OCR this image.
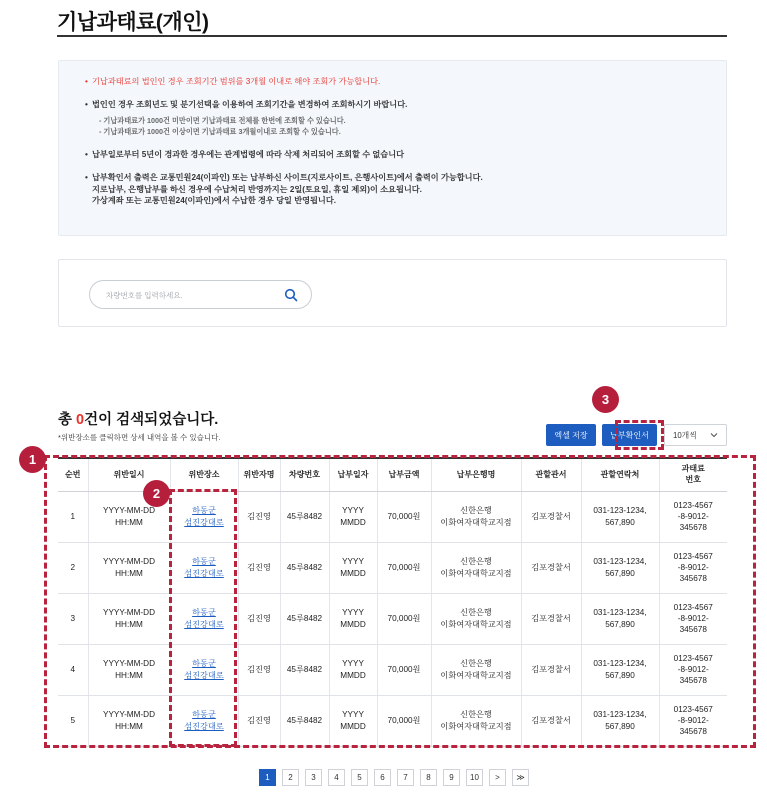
기납과태료(개인)
• 기납과태료의 법인인 경우 조회기간 범위를 3개월 이내로 해야 조회가 가능합니다.
• 법인인 경우 조회년도 및 분기선택을 이용하여 조회기간을 변경하여 조회하시기 바랍니다.
- 기납과태료가 1000건 미만이면 기납과태료 전체를 한번에 조회할 수 있습니다.
- 기납과태료가 1000건 이상이면 기납과태료 3개월이내로 조회할 수 있습니다.
• 납부일로부터 5년이 경과한 경우에는 관계법령에 따라 삭제 처리되어 조회할 수 없습니다
• 납부확인서 출력은 교통민원24(이파인) 또는 납부하신 사이트(지로사이트, 은행사이트)에서 출력이 가능합니다.
지로납부, 은행납부를 하신 경우에 수납처리 반영까지는 2일(토요일, 휴일 제외)이 소요됩니다.
가상계좌 또는 교통민원24(이파인)에서 수납한 경우 당일 반영됩니다.
차량번호를 입력하세요.
총 0건이 검색되었습니다.
*위반장소를 클릭하면 상세 내역을 볼 수 있습니다.	엑셀 저장	납부확인서	10개씩
순번	위반일시	위반장소	위반자명	차량번호	납부일자	납부금액	납부은행명	관할관서	관할연락처	과태료
번호
1	YYYY-MM-DD
HH:MM	하동군
섬진강대로	김진영	45루8482	YYYY
MMDD	70,000원	신한은행
이화여자대학교지점	김포경찰서	031-123-1234,
567,890	0123-4567
-8-9012-
345678
2	YYYY-MM-DD
HH:MM	하동군
섬진강대로	김진영	45루8482	YYYY
MMDD	70,000원	신한은행
이화여자대학교지점	김포경찰서	031-123-1234,
567,890	0123-4567
-8-9012-
345678
3	YYYY-MM-DD
HH:MM	하동군
섬진강대로	김진영	45루8482	YYYY
MMDD	70,000원	신한은행
이화여자대학교지점	김포경찰서	031-123-1234,
567,890	0123-4567
-8-9012-
345678
4	YYYY-MM-DD
HH:MM	하동군
섬진강대로	김진영	45루8482	YYYY
MMDD	70,000원	신한은행
이화여자대학교지점	김포경찰서	031-123-1234,
567,890	0123-4567
-8-9012-
345678
5	YYYY-MM-DD
HH:MM	하동군
섬진강대로	김진영	45루8482	YYYY
MMDD	70,000원	신한은행
이화여자대학교지점	김포경찰서	031-123-1234,
567,890	0123-4567
-8-9012-
345678
1
2
3
1	2	3	4	5	6	7	8	9	10	>	≫
